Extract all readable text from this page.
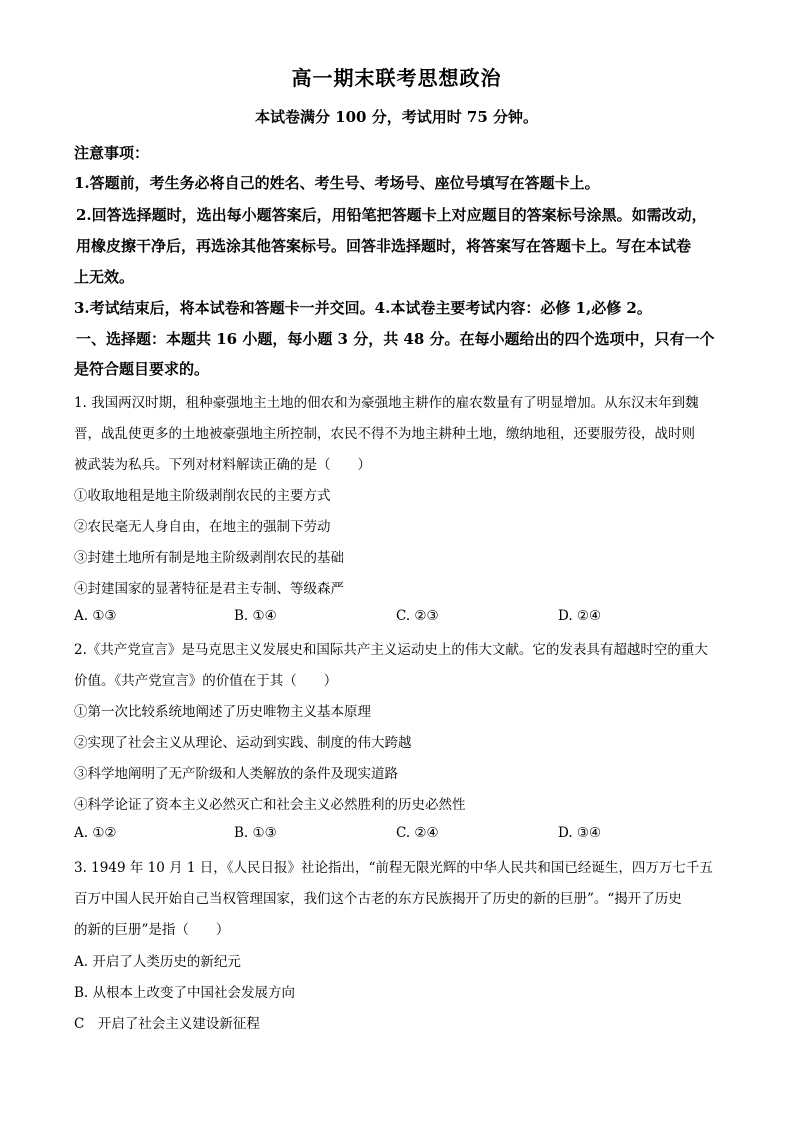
高一期末联考思想政治
本试卷满分 100 分，考试用时 75 分钟。
注意事项：
1.答题前，考生务必将自己的姓名、考生号、考场号、座位号填写在答题卡上。
2.回答选择题时，选出每小题答案后，用铅笔把答题卡上对应题目的答案标号涂黑。如需改动，
用橡皮擦干净后，再选涂其他答案标号。回答非选择题时，将答案写在答题卡上。写在本试卷
上无效。
3.考试结束后，将本试卷和答题卡一并交回。4.本试卷主要考试内容：必修 1,必修 2。
一、选择题：本题共 16 小题，每小题 3 分，共 48 分。在每小题给出的四个选项中，只有一个
是符合题目要求的。
1. 我国两汉时期，租种豪强地主土地的佃农和为豪强地主耕作的雇农数量有了明显增加。从东汉末年到魏
晋，战乱使更多的土地被豪强地主所控制，农民不得不为地主耕种土地，缴纳地租，还要服劳役，战时则
被武装为私兵。下列对材料解读正确的是（　　）
①收取地租是地主阶级剥削农民的主要方式
②农民毫无人身自由，在地主的强制下劳动
③封建土地所有制是地主阶级剥削农民的基础
④封建国家的显著特征是君主专制、等级森严
A. ①③	B. ①④	C. ②③	D. ②④
2.《共产党宣言》是马克思主义发展史和国际共产主义运动史上的伟大文献。它的发表具有超越时空的重大
价值。《共产党宣言》的价值在于其（　　）
①第一次比较系统地阐述了历史唯物主义基本原理
②实现了社会主义从理论、运动到实践、制度的伟大跨越
③科学地阐明了无产阶级和人类解放的条件及现实道路
④科学论证了资本主义必然灭亡和社会主义必然胜利的历史必然性
A. ①②	B. ①③	C. ②④	D. ③④
3. 1949 年 10 月 1 日，《人民日报》社论指出，“前程无限光辉的中华人民共和国已经诞生，四万万七千五
百万中国人民开始自己当权管理国家，我们这个古老的东方民族揭开了历史的新的巨册”。“揭开了历史
的新的巨册”是指（　　）
A. 开启了人类历史的新纪元
B. 从根本上改变了中国社会发展方向
C　开启了社会主义建设新征程
